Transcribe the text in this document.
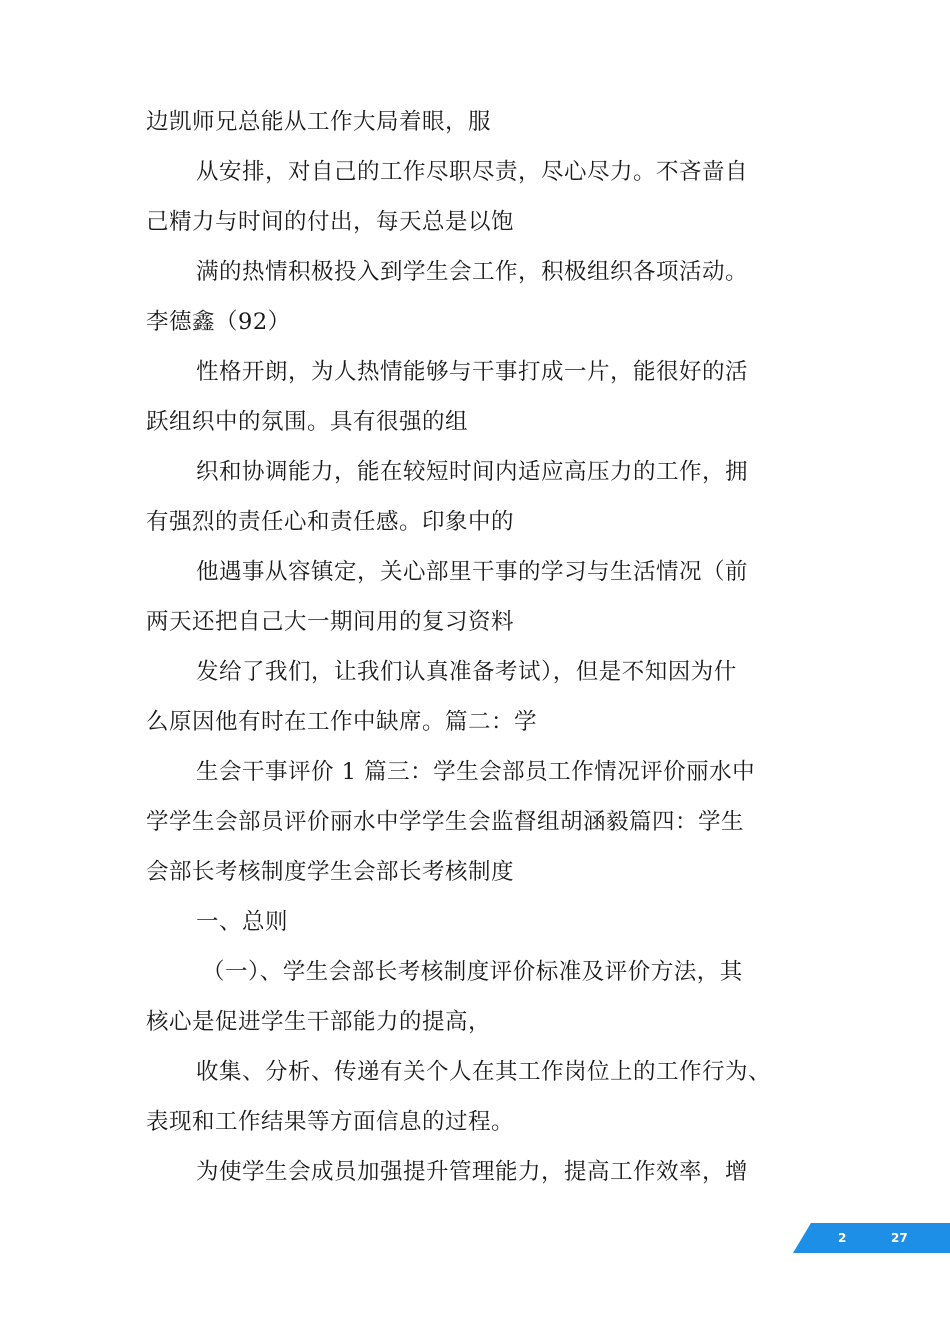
边凯师兄总能从工作大局着眼，服
从安排，对自己的工作尽职尽责，尽心尽力。不吝啬自
己精力与时间的付出，每天总是以饱
满的热情积极投入到学生会工作，积极组织各项活动。
李德鑫（92）
性格开朗，为人热情能够与干事打成一片，能很好的活
跃组织中的氛围。具有很强的组
织和协调能力，能在较短时间内适应高压力的工作，拥
有强烈的责任心和责任感。印象中的
他遇事从容镇定，关心部里干事的学习与生活情况（前
两天还把自己大一期间用的复习资料
发给了我们，让我们认真准备考试），但是不知因为什
么原因他有时在工作中缺席。篇二：学
生会干事评价 1 篇三：学生会部员工作情况评价丽水中
学学生会部员评价丽水中学学生会监督组胡涵毅篇四：学生
会部长考核制度学生会部长考核制度
一、总则
（一）、学生会部长考核制度评价标准及评价方法，其
核心是促进学生干部能力的提高，
收集、分析、传递有关个人在其工作岗位上的工作行为、
表现和工作结果等方面信息的过程。
为使学生会成员加强提升管理能力，提高工作效率，增
2	27
